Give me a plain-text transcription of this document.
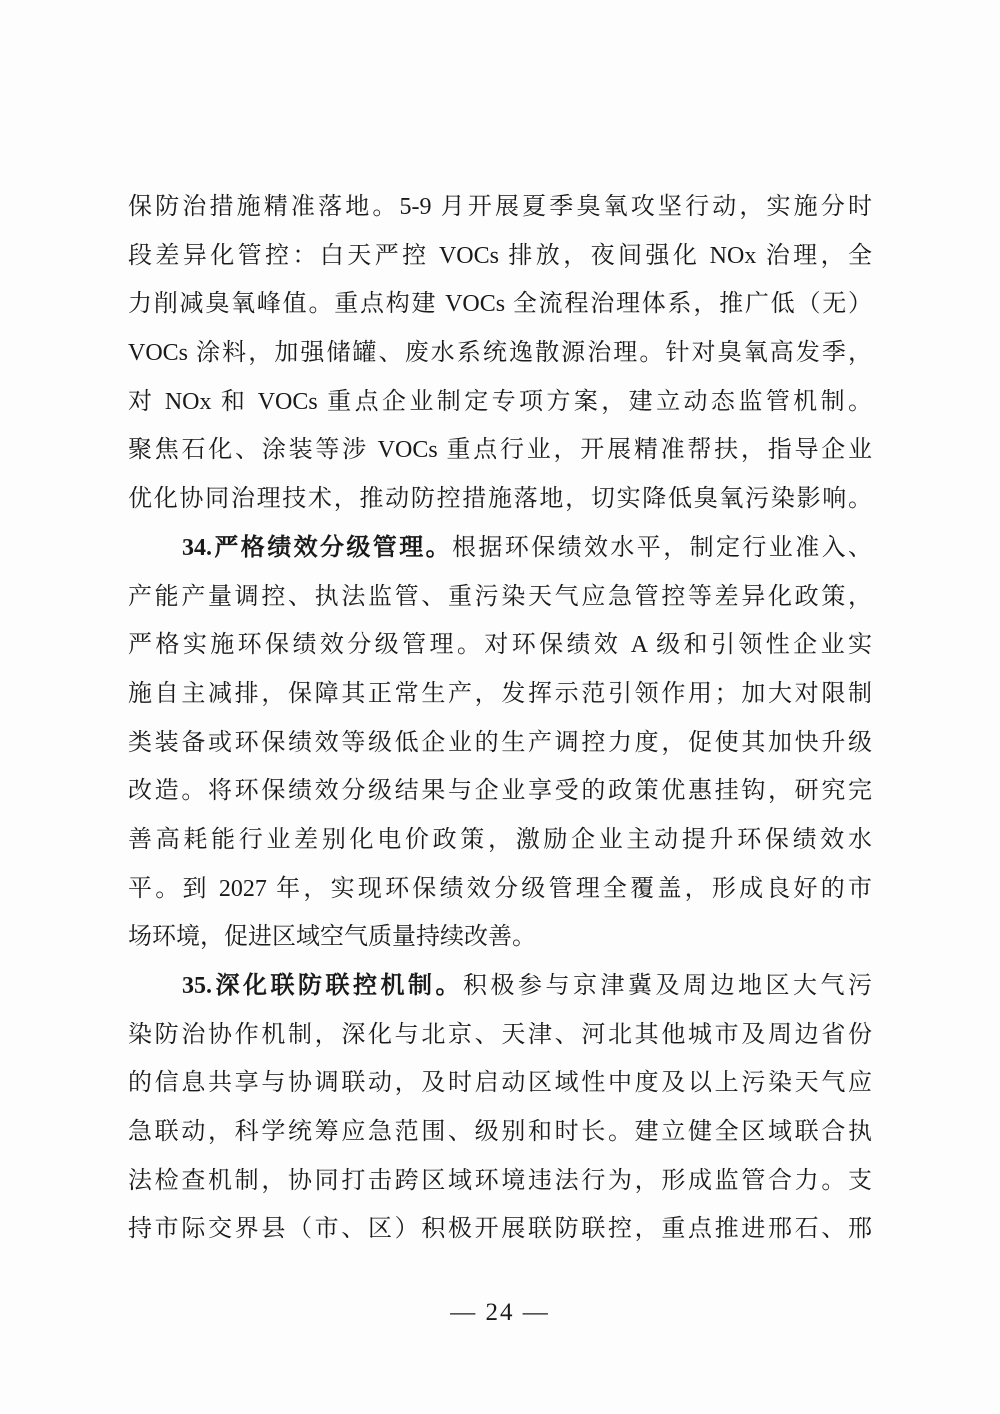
保防治措施精准落地。5-9 月开展夏季臭氧攻坚行动，实施分时
段差异化管控：白天严控 VOCs 排放，夜间强化 NOx 治理，全
力削减臭氧峰值。重点构建 VOCs 全流程治理体系，推广低（无）
VOCs 涂料，加强储罐、废水系统逸散源治理。针对臭氧高发季，
对 NOx 和 VOCs 重点企业制定专项方案，建立动态监管机制。
聚焦石化、涂装等涉 VOCs 重点行业，开展精准帮扶，指导企业
优化协同治理技术，推动防控措施落地，切实降低臭氧污染影响。
34.严格绩效分级管理。根据环保绩效水平，制定行业准入、
产能产量调控、执法监管、重污染天气应急管控等差异化政策，
严格实施环保绩效分级管理。对环保绩效 A 级和引领性企业实
施自主减排，保障其正常生产，发挥示范引领作用；加大对限制
类装备或环保绩效等级低企业的生产调控力度，促使其加快升级
改造。将环保绩效分级结果与企业享受的政策优惠挂钩，研究完
善高耗能行业差别化电价政策，激励企业主动提升环保绩效水
平。到 2027 年，实现环保绩效分级管理全覆盖，形成良好的市
场环境，促进区域空气质量持续改善。
35.深化联防联控机制。积极参与京津冀及周边地区大气污
染防治协作机制，深化与北京、天津、河北其他城市及周边省份
的信息共享与协调联动，及时启动区域性中度及以上污染天气应
急联动，科学统筹应急范围、级别和时长。建立健全区域联合执
法检查机制，协同打击跨区域环境违法行为，形成监管合力。支
持市际交界县（市、区）积极开展联防联控，重点推进邢石、邢
— 24 —
